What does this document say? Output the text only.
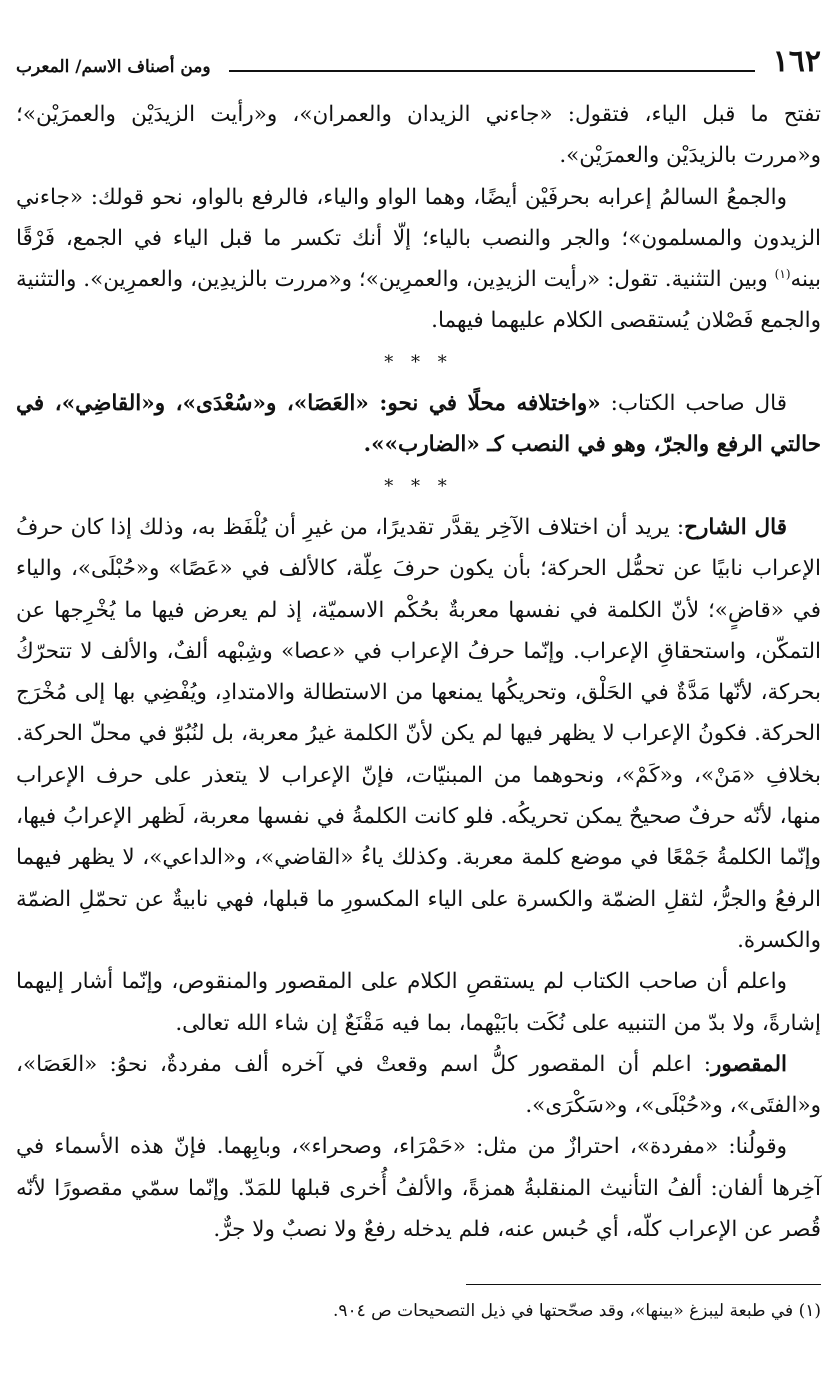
١٦٢
ومن أصناف الاسم/ المعرب

تفتح ما قبل الياء، فتقول: «جاءني الزيدان والعمران»، و«رأيت الزيدَيْن والعمرَيْن»؛ و«مررت بالزيدَيْن والعمرَيْن».

والجمعُ السالمُ إعرابه بحرفَيْن أيضًا، وهما الواو والياء، فالرفع بالواو، نحو قولك: «جاءني الزيدون والمسلمون»؛ والجر والنصب بالياء؛ إلّا أنك تكسر ما قبل الياء في الجمع، فَرْقًا بينه$^{(١)}$ وبين التثنية. تقول: «رأيت الزيدِين، والعمرِين»؛ و«مررت بالزيدِين، والعمرِين». والتثنية والجمع فَصْلان يُستقصى الكلام عليهما فيهما.

* * *

قال صاحب الكتاب: «واختلافه محلًا في نحو: «العَصَا»، و«سُعْدَى»، و«القاضِي»، في حالتي الرفع والجرّ، وهو في النصب كـ «الضارب»».

* * *

قال الشارح: يريد أن اختلاف الآخِر يقدَّر تقديرًا، من غيرِ أن يُلْفَظ به، وذلك إذا كان حرفُ الإعراب نابيًا عن تحمُّل الحركة؛ بأن يكون حرفَ عِلّة، كالألف في «عَصًا» و«حُبْلَى»، والياء في «قاضٍ»؛ لأنّ الكلمة في نفسها معربةٌ بحُكْم الاسميّة، إذ لم يعرض فيها ما يُخْرِجها عن التمكّن، واستحقاقِ الإعراب. وإنّما حرفُ الإعراب في «عصا» وشِبْهه ألفٌ، والألف لا تتحرّكُ بحركة، لأنّها مَدَّةٌ في الحَلْق، وتحريكُها يمنعها من الاستطالة والامتدادِ، ويُفْضِي بها إلى مُخْرَج الحركة. فكونُ الإعراب لا يظهر فيها لم يكن لأنّ الكلمة غيرُ معربة، بل لنُبُوّ في محلّ الحركة. بخلافِ «مَنْ»، و«كَمْ»، ونحوهما من المبنيّات، فإنّ الإعراب لا يتعذر على حرف الإعراب منها، لأنّه حرفٌ صحيحٌ يمكن تحريكُه. فلو كانت الكلمةُ في نفسها معربة، لَظهر الإعرابُ فيها، وإنّما الكلمةُ جَمْعًا في موضع كلمة معربة. وكذلك ياءُ «القاضي»، و«الداعي»، لا يظهر فيهما الرفعُ والجرُّ، لثقلِ الضمّة والكسرة على الياء المكسورِ ما قبلها، فهي نابيةٌ عن تحمّلِ الضمّة والكسرة.

واعلم أن صاحب الكتاب لم يستقصِ الكلام على المقصور والمنقوص، وإنّما أشار إليهما إشارةً، ولا بدّ من التنبيه على نُكَت بابَيْهما، بما فيه مَقْنَعٌ إن شاء الله تعالى.

المقصور: اعلم أن المقصور كلُّ اسم وقعتْ في آخره ألف مفردةٌ، نحوُ: «العَصَا»، و«الفتَى»، و«حُبْلَى»، و«سَكْرَى».

وقولُنا: «مفردة»، احترازٌ من مثل: «حَمْرَاء، وصحراء»، وبابِهما. فإنّ هذه الأسماء في آخِرها ألفان: ألفُ التأنيث المنقلبةُ همزةً، والألفُ أُخرى قبلها للمَدّ. وإنّما سمّي مقصورًا لأنّه قُصر عن الإعراب كلّه، أي حُبس عنه، فلم يدخله رفعٌ ولا نصبٌ ولا جرٌّ.

(١) في طبعة ليبزغ «بينها»، وقد صحّحتها في ذيل التصحيحات ص ٩٠٤.
